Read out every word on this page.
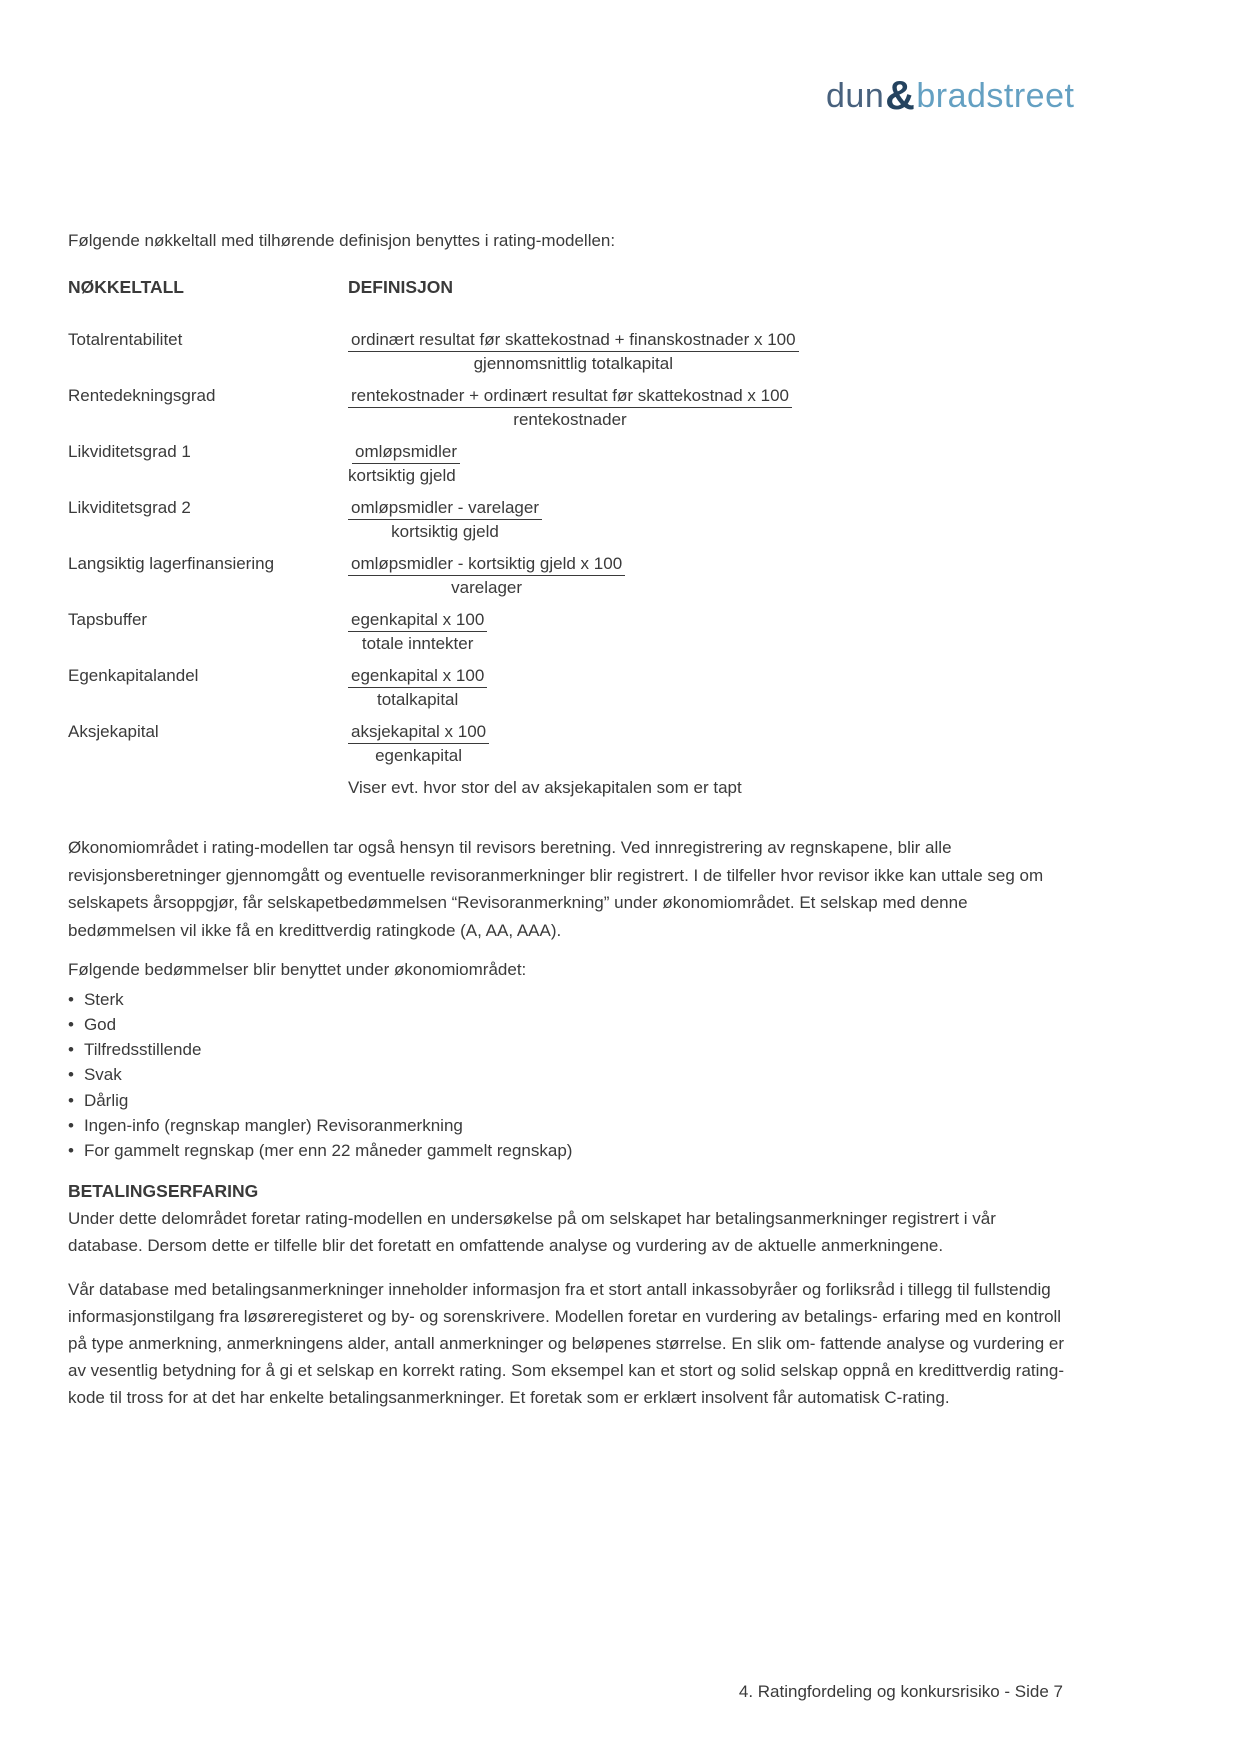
dun&bradstreet

Følgende nøkkeltall med tilhørende definisjon benyttes i rating-modellen:

NØKKELTALL	DEFINISJON
Totalrentabilitet	$\frac{\text{ordinært resultat før skattekostnad + finanskostnader x 100}}{\text{gjennomsnittlig totalkapital}}$
Rentedekningsgrad	$\frac{\text{rentekostnader + ordinært resultat før skattekostnad x 100}}{\text{rentekostnader}}$
Likviditetsgrad 1	$\frac{\text{omløpsmidler}}{\text{kortsiktig gjeld}}$
Likviditetsgrad 2	$\frac{\text{omløpsmidler - varelager}}{\text{kortsiktig gjeld}}$
Langsiktig lagerfinansiering	$\frac{\text{omløpsmidler - kortsiktig gjeld x 100}}{\text{varelager}}$
Tapsbuffer	$\frac{\text{egenkapital x 100}}{\text{totale inntekter}}$
Egenkapitalandel	$\frac{\text{egenkapital x 100}}{\text{totalkapital}}$
Aksjekapital	$\frac{\text{aksjekapital x 100}}{\text{egenkapital}}$

Viser evt. hvor stor del av aksjekapitalen som er tapt

Økonomiområdet i rating-modellen tar også hensyn til revisors beretning. Ved innregistrering av regnskapene, blir alle revisjonsberetninger gjennomgått og eventuelle revisoranmerkninger blir registrert. I de tilfeller hvor revisor ikke kan uttale seg om selskapets årsoppgjør, får selskapetbedømmelsen “Revisoranmerkning” under økonomiområdet. Et selskap med denne bedømmelsen vil ikke få en kredittverdig ratingkode (A, AA, AAA).

Følgende bedømmelser blir benyttet under økonomiområdet:

• Sterk
• God
• Tilfredsstillende
• Svak
• Dårlig
• Ingen-info (regnskap mangler) Revisoranmerkning
• For gammelt regnskap (mer enn 22 måneder gammelt regnskap)
BETALINGSERFARING

Under dette delområdet foretar rating-modellen en undersøkelse på om selskapet har betalingsanmerkninger registrert i vår database. Dersom dette er tilfelle blir det foretatt en omfattende analyse og vurdering av de aktuelle anmerkningene.

Vår database med betalingsanmerkninger inneholder informasjon fra et stort antall inkassobyråer og forliksråd i tillegg til fullstendig informasjonstilgang fra løsøreregisteret og by- og sorenskrivere. Modellen foretar en vurdering av betalings- erfaring med en kontroll på type anmerkning, anmerkningens alder, antall anmerkninger og beløpenes størrelse. En slik om- fattende analyse og vurdering er av vesentlig betydning for å gi et selskap en korrekt rating. Som eksempel kan et stort og solid selskap oppnå en kredittverdig rating-kode til tross for at det har enkelte betalingsanmerkninger. Et foretak som er erklært insolvent får automatisk C-rating.

4. Ratingfordeling og konkursrisiko - Side 7
